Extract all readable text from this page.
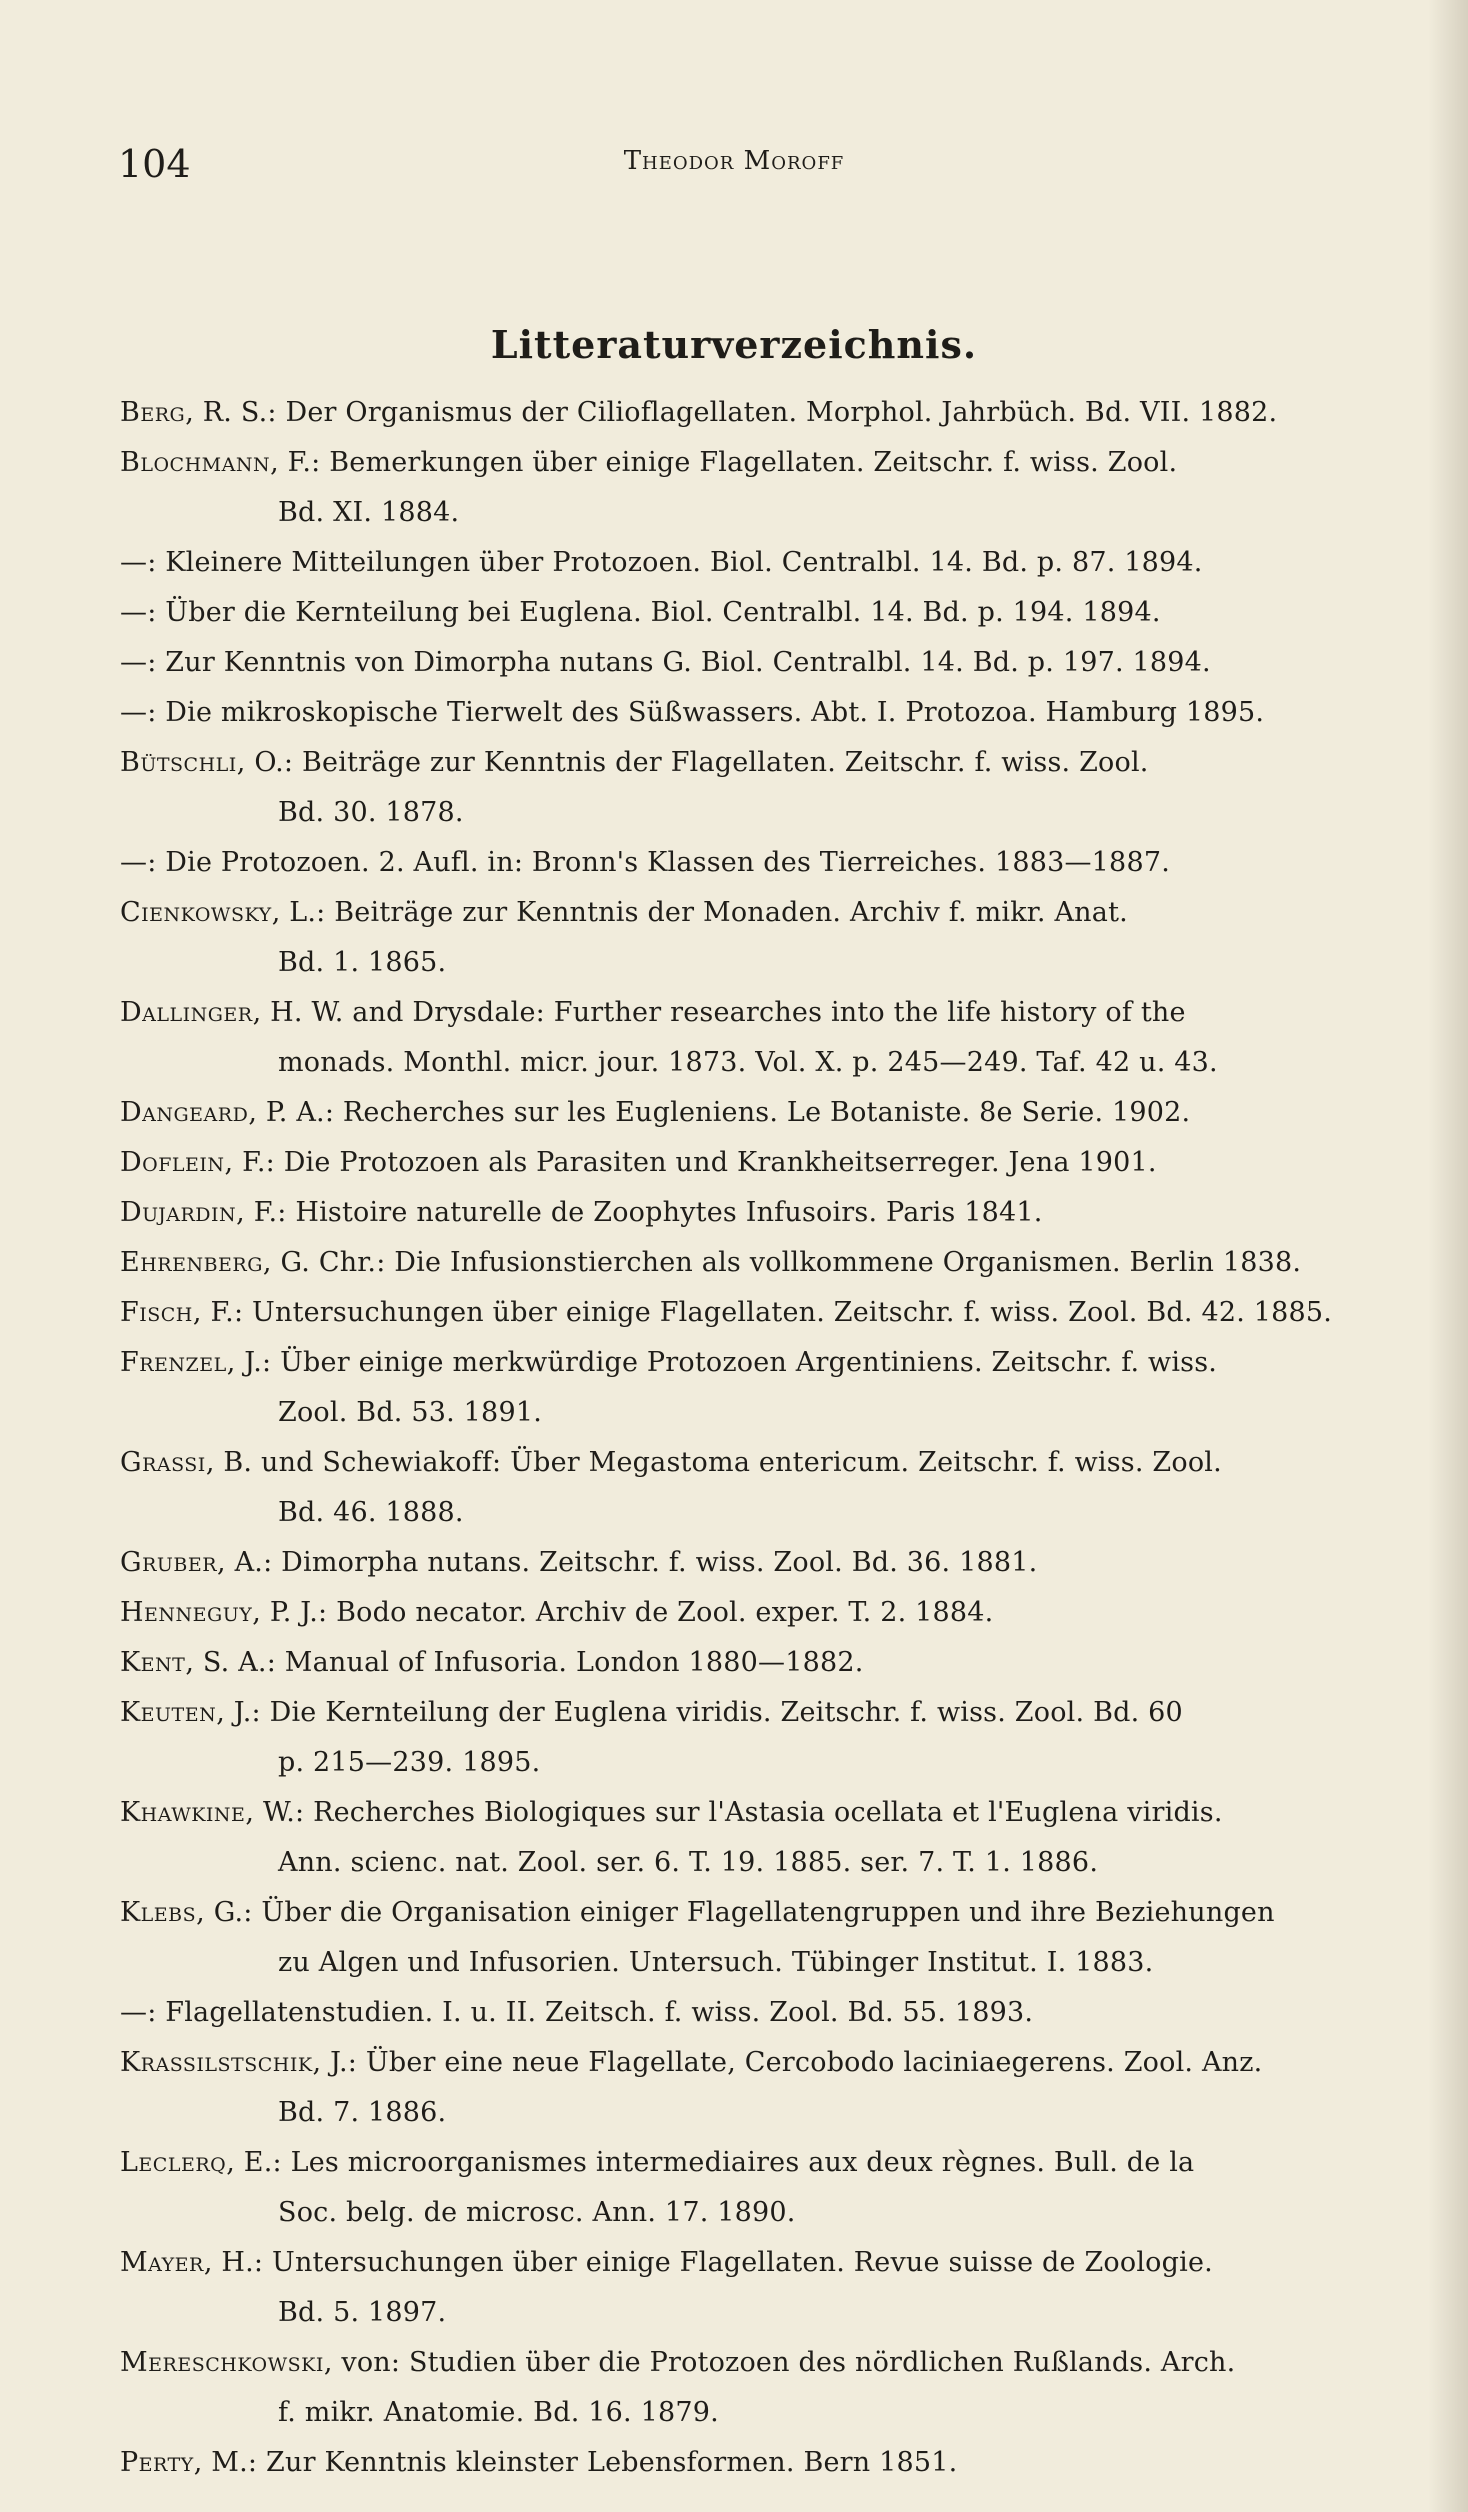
104	Theodor Moroff
Litteraturverzeichnis.
Berg, R. S.: Der Organismus der Cilioflagellaten. Morphol. Jahrbüch. Bd. VII. 1882.
Blochmann, F.: Bemerkungen über einige Flagellaten. Zeitschr. f. wiss. Zool.
Bd. XI. 1884.
—: Kleinere Mitteilungen über Protozoen. Biol. Centralbl. 14. Bd. p. 87. 1894.
—: Über die Kernteilung bei Euglena. Biol. Centralbl. 14. Bd. p. 194. 1894.
—: Zur Kenntnis von Dimorpha nutans G. Biol. Centralbl. 14. Bd. p. 197. 1894.
—: Die mikroskopische Tierwelt des Süßwassers. Abt. I. Protozoa. Hamburg 1895.
Bütschli, O.: Beiträge zur Kenntnis der Flagellaten. Zeitschr. f. wiss. Zool.
Bd. 30. 1878.
—: Die Protozoen. 2. Aufl. in: Bronn's Klassen des Tierreiches. 1883—1887.
Cienkowsky, L.: Beiträge zur Kenntnis der Monaden. Archiv f. mikr. Anat.
Bd. 1. 1865.
Dallinger, H. W. and Drysdale: Further researches into the life history of the
monads. Monthl. micr. jour. 1873. Vol. X. p. 245—249. Taf. 42 u. 43.
Dangeard, P. A.: Recherches sur les Eugleniens. Le Botaniste. 8e Serie. 1902.
Doflein, F.: Die Protozoen als Parasiten und Krankheitserreger. Jena 1901.
Dujardin, F.: Histoire naturelle de Zoophytes Infusoirs. Paris 1841.
Ehrenberg, G. Chr.: Die Infusionstierchen als vollkommene Organismen. Berlin 1838.
Fisch, F.: Untersuchungen über einige Flagellaten. Zeitschr. f. wiss. Zool. Bd. 42. 1885.
Frenzel, J.: Über einige merkwürdige Protozoen Argentiniens. Zeitschr. f. wiss.
Zool. Bd. 53. 1891.
Grassi, B. und Schewiakoff: Über Megastoma entericum. Zeitschr. f. wiss. Zool.
Bd. 46. 1888.
Gruber, A.: Dimorpha nutans. Zeitschr. f. wiss. Zool. Bd. 36. 1881.
Henneguy, P. J.: Bodo necator. Archiv de Zool. exper. T. 2. 1884.
Kent, S. A.: Manual of Infusoria. London 1880—1882.
Keuten, J.: Die Kernteilung der Euglena viridis. Zeitschr. f. wiss. Zool. Bd. 60
p. 215—239. 1895.
Khawkine, W.: Recherches Biologiques sur l'Astasia ocellata et l'Euglena viridis.
Ann. scienc. nat. Zool. ser. 6. T. 19. 1885. ser. 7. T. 1. 1886.
Klebs, G.: Über die Organisation einiger Flagellatengruppen und ihre Beziehungen
zu Algen und Infusorien. Untersuch. Tübinger Institut. I. 1883.
—: Flagellatenstudien. I. u. II. Zeitsch. f. wiss. Zool. Bd. 55. 1893.
Krassilstschik, J.: Über eine neue Flagellate, Cercobodo laciniaegerens. Zool. Anz.
Bd. 7. 1886.
Leclerq, E.: Les microorganismes intermediaires aux deux règnes. Bull. de la
Soc. belg. de microsc. Ann. 17. 1890.
Mayer, H.: Untersuchungen über einige Flagellaten. Revue suisse de Zoologie.
Bd. 5. 1897.
Mereschkowski, von: Studien über die Protozoen des nördlichen Rußlands. Arch.
f. mikr. Anatomie. Bd. 16. 1879.
Perty, M.: Zur Kenntnis kleinster Lebensformen. Bern 1851.
